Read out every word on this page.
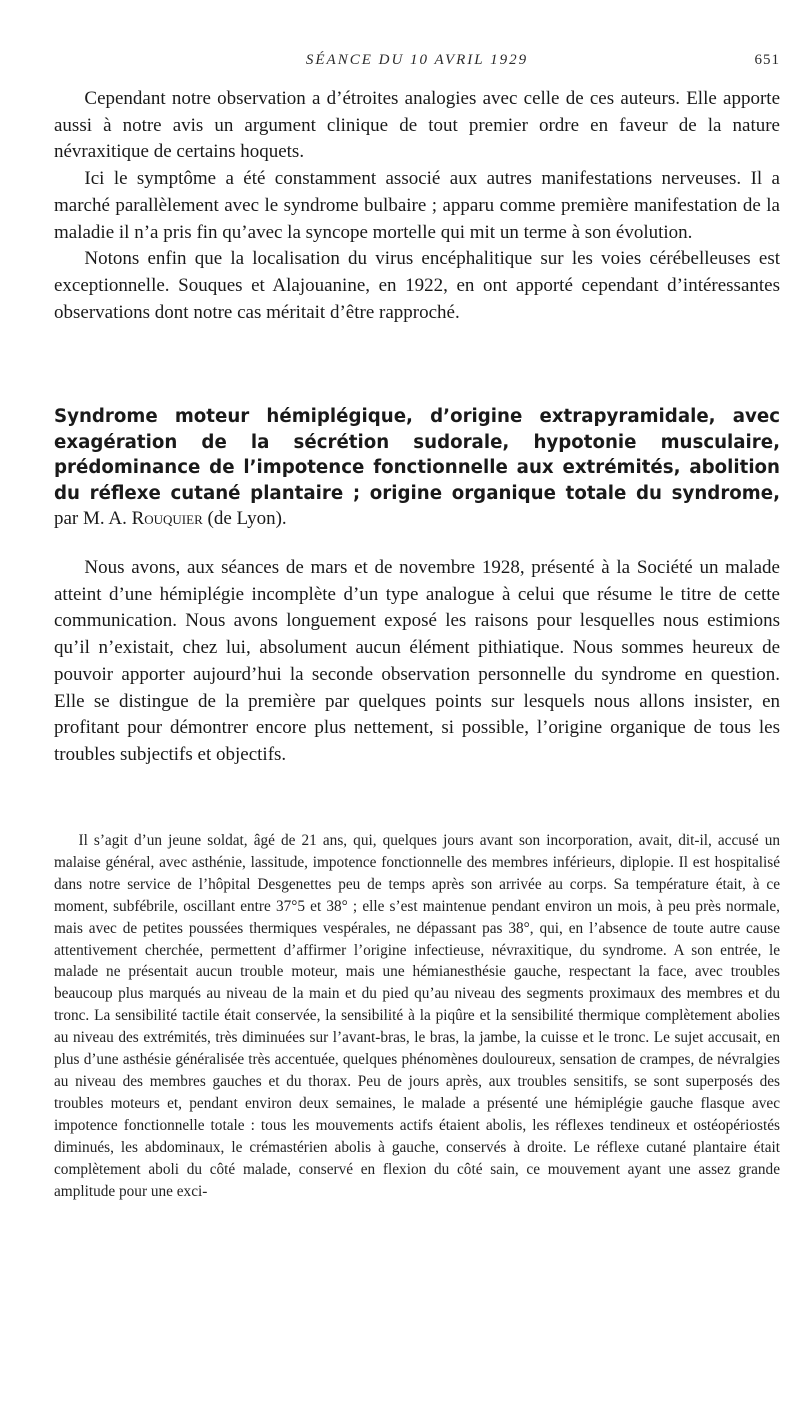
SÉANCE DU 10 AVRIL 1929	651

Cependant notre observation a d’étroites analogies avec celle de ces auteurs. Elle apporte aussi à notre avis un argument clinique de tout premier ordre en faveur de la nature névraxitique de certains hoquets.

Ici le symptôme a été constamment associé aux autres manifestations nerveuses. Il a marché parallèlement avec le syndrome bulbaire ; apparu comme première manifestation de la maladie il n’a pris fin qu’avec la syncope mortelle qui mit un terme à son évolution.

Notons enfin que la localisation du virus encéphalitique sur les voies cérébelleuses est exceptionnelle. Souques et Alajouanine, en 1922, en ont apporté cependant d’intéressantes observations dont notre cas méritait d’être rapproché.

Syndrome moteur hémiplégique, d’origine extrapyramidale, avec exagération de la sécrétion sudorale, hypotonie musculaire, prédominance de l’impotence fonctionnelle aux extrémités, abolition du réflexe cutané plantaire ; origine organique totale du syndrome, par M. A. Rouquier (de Lyon).

Nous avons, aux séances de mars et de novembre 1928, présenté à la Société un malade atteint d’une hémiplégie incomplète d’un type analogue à celui que résume le titre de cette communication. Nous avons longuement exposé les raisons pour lesquelles nous estimions qu’il n’existait, chez lui, absolument aucun élément pithiatique. Nous sommes heureux de pouvoir apporter aujourd’hui la seconde observation personnelle du syndrome en question. Elle se distingue de la première par quelques points sur lesquels nous allons insister, en profitant pour démontrer encore plus nettement, si possible, l’origine organique de tous les troubles subjectifs et objectifs.

Il s’agit d’un jeune soldat, âgé de 21 ans, qui, quelques jours avant son incorporation, avait, dit-il, accusé un malaise général, avec asthénie, lassitude, impotence fonctionnelle des membres inférieurs, diplopie. Il est hospitalisé dans notre service de l’hôpital Desgenettes peu de temps après son arrivée au corps. Sa température était, à ce moment, subfébrile, oscillant entre 37°5 et 38° ; elle s’est maintenue pendant environ un mois, à peu près normale, mais avec de petites poussées thermiques vespérales, ne dépassant pas 38°, qui, en l’absence de toute autre cause attentivement cherchée, permettent d’affirmer l’origine infectieuse, névraxitique, du syndrome. A son entrée, le malade ne présentait aucun trouble moteur, mais une hémianesthésie gauche, respectant la face, avec troubles beaucoup plus marqués au niveau de la main et du pied qu’au niveau des segments proximaux des membres et du tronc. La sensibilité tactile était conservée, la sensibilité à la piqûre et la sensibilité thermique complètement abolies au niveau des extrémités, très diminuées sur l’avant-bras, le bras, la jambe, la cuisse et le tronc. Le sujet accusait, en plus d’une asthésie généralisée très accentuée, quelques phénomènes douloureux, sensation de crampes, de névralgies au niveau des membres gauches et du thorax. Peu de jours après, aux troubles sensitifs, se sont superposés des troubles moteurs et, pendant environ deux semaines, le malade a présenté une hémiplégie gauche flasque avec impotence fonctionnelle totale : tous les mouvements actifs étaient abolis, les réflexes tendineux et ostéopériostés diminués, les abdominaux, le crémastérien abolis à gauche, conservés à droite. Le réflexe cutané plantaire était complètement aboli du côté malade, conservé en flexion du côté sain, ce mouvement ayant une assez grande amplitude pour une exci-
